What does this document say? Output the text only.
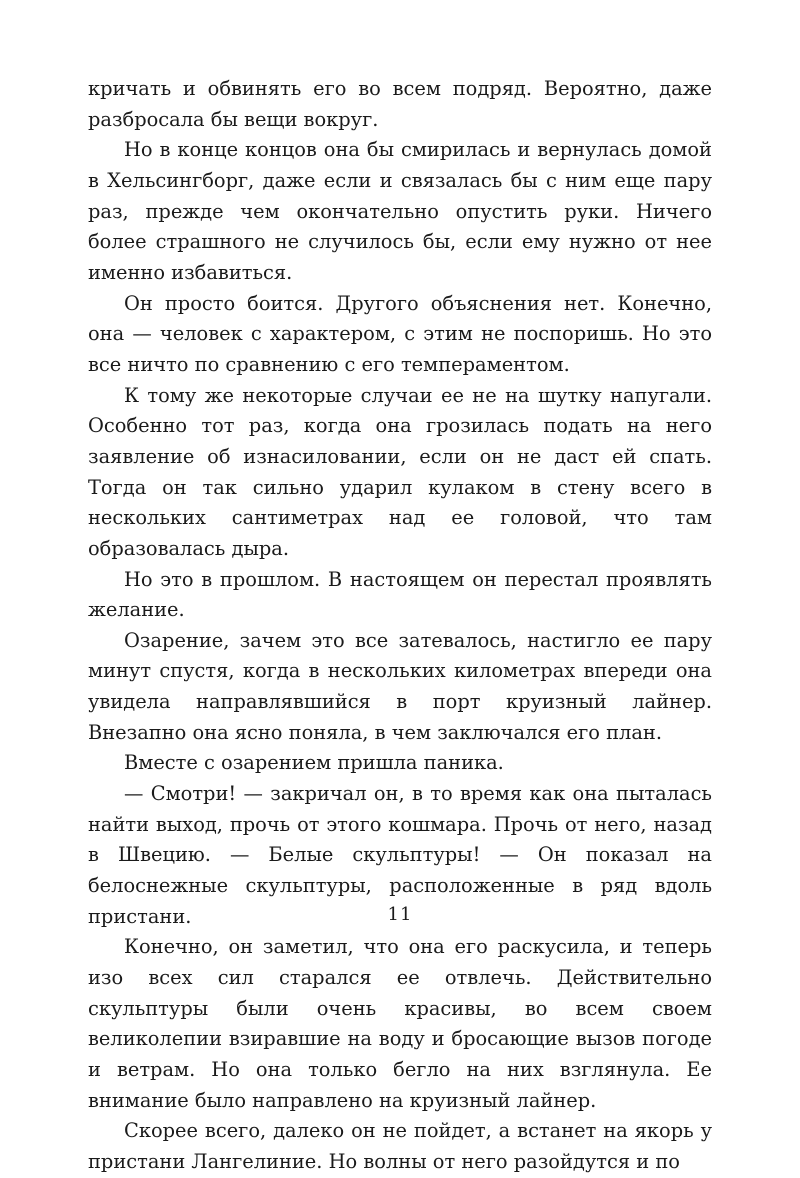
кричать и обвинять его во всем подряд. Вероятно, даже разбросала бы вещи вокруг.

Но в конце концов она бы смирилась и вернулась домой в Хельсингборг, даже если и связалась бы с ним еще пару раз, прежде чем окончательно опустить руки. Ничего более страшного не случилось бы, если ему нужно от нее именно избавиться.

Он просто боится. Другого объяснения нет. Конечно, она — человек с характером, с этим не поспоришь. Но это все ничто по сравнению с его темпераментом.

К тому же некоторые случаи ее не на шутку напугали. Особенно тот раз, когда она грозилась подать на него заявление об изнасиловании, если он не даст ей спать. Тогда он так сильно ударил кулаком в стену всего в нескольких сантиметрах над ее головой, что там образовалась дыра.

Но это в прошлом. В настоящем он перестал проявлять желание.

Озарение, зачем это все затевалось, настигло ее пару минут спустя, когда в нескольких километрах впереди она увидела направлявшийся в порт круизный лайнер. Внезапно она ясно поняла, в чем заключался его план.

Вместе с озарением пришла паника.

— Смотри! — закричал он, в то время как она пыталась найти выход, прочь от этого кошмара. Прочь от него, назад в Швецию. — Белые скульптуры! — Он показал на белоснежные скульптуры, расположенные в ряд вдоль пристани.

Конечно, он заметил, что она его раскусила, и теперь изо всех сил старался ее отвлечь. Действительно скульптуры были очень красивы, во всем своем великолепии взиравшие на воду и бросающие вызов погоде и ветрам. Но она только бегло на них взглянула. Ее внимание было направлено на круизный лайнер.

Скорее всего, далеко он не пойдет, а встанет на якорь у пристани Лангелиние. Но волны от него разойдутся и по

11
